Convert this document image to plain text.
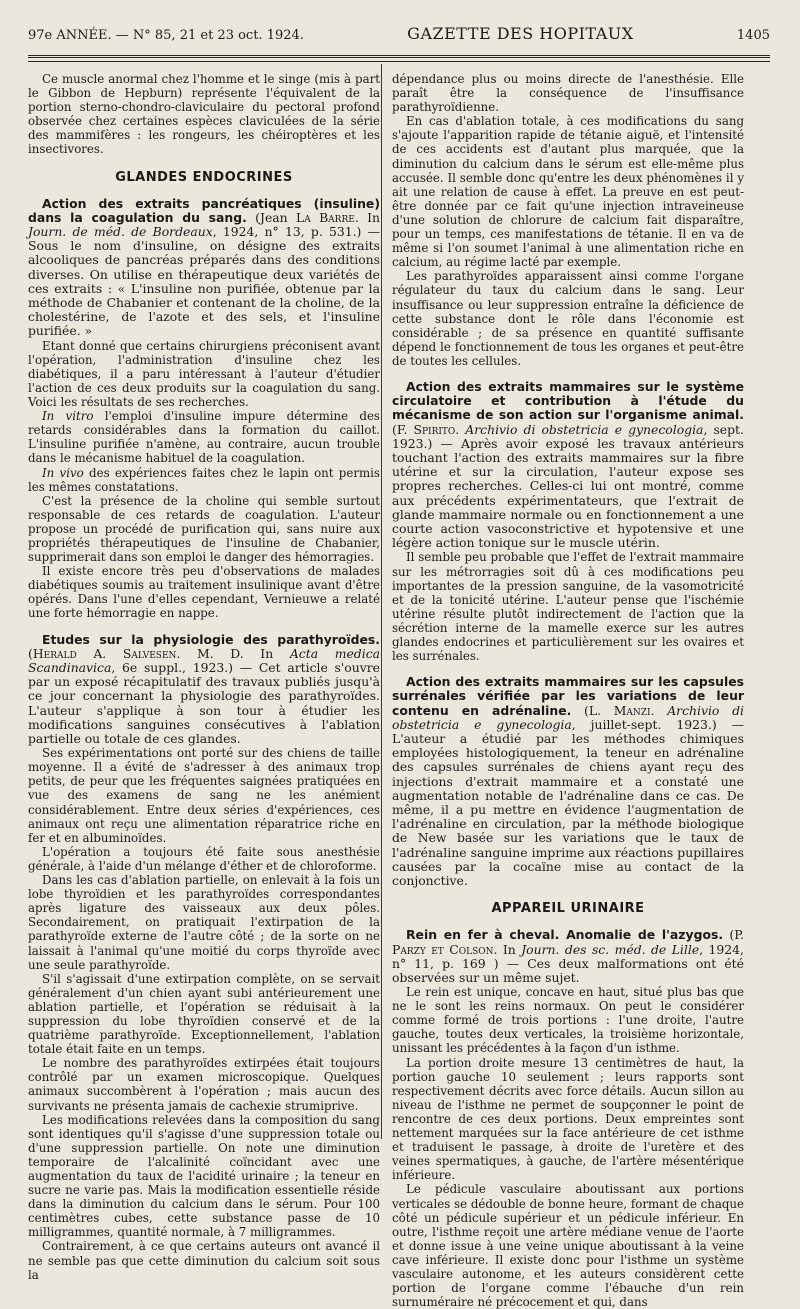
97e ANNÉE. — N° 85, 21 et 23 oct. 1924.	GAZETTE DES HOPITAUX	1405

Ce muscle anormal chez l'homme et le singe (mis à part le Gibbon de Hepburn) représente l'équivalent de la portion sterno-chondro-claviculaire du pectoral profond observée chez certaines espèces claviculées de la série des mammifères : les rongeurs, les chéiroptères et les insectivores.

GLANDES ENDOCRINES

Action des extraits pancréatiques (insuline) dans la coagulation du sang. (Jean La Barre. In Journ. de méd. de Bordeaux, 1924, n° 13, p. 531.) — Sous le nom d'insuline, on désigne des extraits alcooliques de pancréas préparés dans des conditions diverses. On utilise en thérapeutique deux variétés de ces extraits : « L'insuline non purifiée, obtenue par la méthode de Chabanier et contenant de la choline, de la cholestérine, de l'azote et des sels, et l'insuline purifiée. »

Etant donné que certains chirurgiens préconisent avant l'opération, l'administration d'insuline chez les diabétiques, il a paru intéressant à l'auteur d'étudier l'action de ces deux produits sur la coagulation du sang. Voici les résultats de ses recherches.

In vitro l'emploi d'insuline impure détermine des retards considérables dans la formation du caillot. L'insuline purifiée n'amène, au contraire, aucun trouble dans le mécanisme habituel de la coagulation.

In vivo des expériences faites chez le lapin ont permis les mêmes constatations.

C'est la présence de la choline qui semble surtout responsable de ces retards de coagulation. L'auteur propose un procédé de purification qui, sans nuire aux propriétés thérapeutiques de l'insuline de Chabanier, supprimerait dans son emploi le danger des hémorragies.

Il existe encore très peu d'observations de malades diabétiques soumis au traitement insulinique avant d'être opérés. Dans l'une d'elles cependant, Vernieuwe a relaté une forte hémorragie en nappe.

Etudes sur la physiologie des parathyroïdes. (Herald A. Salvesen. M. D. In Acta medica Scandinavica, 6e suppl., 1923.) — Cet article s'ouvre par un exposé récapitulatif des travaux publiés jusqu'à ce jour concernant la physiologie des parathyroïdes. L'auteur s'applique à son tour à étudier les modifications sanguines consécutives à l'ablation partielle ou totale de ces glandes.

Ses expérimentations ont porté sur des chiens de taille moyenne. Il a évité de s'adresser à des animaux trop petits, de peur que les fréquentes saignées pratiquées en vue des examens de sang ne les anémient considérablement. Entre deux séries d'expériences, ces animaux ont reçu une alimentation réparatrice riche en fer et en albuminoïdes.

L'opération a toujours été faite sous anesthésie générale, à l'aide d'un mélange d'éther et de chloroforme.

Dans les cas d'ablation partielle, on enlevait à la fois un lobe thyroïdien et les parathyroïdes correspondantes après ligature des vaisseaux aux deux pôles. Secondairement, on pratiquait l'extirpation de la parathyroïde externe de l'autre côté ; de la sorte on ne laissait à l'animal qu'une moitié du corps thyroïde avec une seule parathyroïde.

S'il s'agissait d'une extirpation complète, on se servait généralement d'un chien ayant subi antérieurement une ablation partielle, et l'opération se réduisait à la suppression du lobe thyroïdien conservé et de la quatrième parathyroïde. Exceptionnellement, l'ablation totale était faite en un temps.

Le nombre des parathyroïdes extirpées était toujours contrôlé par un examen microscopique. Quelques animaux succombèrent à l'opération ; mais aucun des survivants ne présenta jamais de cachexie strumiprive.

Les modifications relevées dans la composition du sang sont identiques qu'il s'agisse d'une suppression totale ou d'une suppression partielle. On note une diminution temporaire de l'alcalinité coïncidant avec une augmentation du taux de l'acidité urinaire ; la teneur en sucre ne varie pas. Mais la modification essentielle réside dans la diminution du calcium dans le sérum. Pour 100 centimètres cubes, cette substance passe de 10 milligrammes, quantité normale, à 7 milligrammes.

Contrairement, à ce que certains auteurs ont avancé il ne semble pas que cette diminution du calcium soit sous la

dépendance plus ou moins directe de l'anesthésie. Elle paraît être la conséquence de l'insuffisance parathyroïdienne.

En cas d'ablation totale, à ces modifications du sang s'ajoute l'apparition rapide de tétanie aiguë, et l'intensité de ces accidents est d'autant plus marquée, que la diminution du calcium dans le sérum est elle-même plus accusée. Il semble donc qu'entre les deux phénomènes il y ait une relation de cause à effet. La preuve en est peut-être donnée par ce fait qu'une injection intraveineuse d'une solution de chlorure de calcium fait disparaître, pour un temps, ces manifestations de tétanie. Il en va de même si l'on soumet l'animal à une alimentation riche en calcium, au régime lacté par exemple.

Les parathyroïdes apparaissent ainsi comme l'organe régulateur du taux du calcium dans le sang. Leur insuffisance ou leur suppression entraîne la déficience de cette substance dont le rôle dans l'économie est considérable ; de sa présence en quantité suffisante dépend le fonctionnement de tous les organes et peut-être de toutes les cellules.

Action des extraits mammaires sur le système circulatoire et contribution à l'étude du mécanisme de son action sur l'organisme animal. (F. Spirito. Archivio di obstetricia e gynecologia, sept. 1923.) — Après avoir exposé les travaux antérieurs touchant l'action des extraits mammaires sur la fibre utérine et sur la circulation, l'auteur expose ses propres recherches. Celles-ci lui ont montré, comme aux précédents expérimentateurs, que l'extrait de glande mammaire normale ou en fonctionnement a une courte action vasoconstrictive et hypotensive et une légère action tonique sur le muscle utérin.

Il semble peu probable que l'effet de l'extrait mammaire sur les métrorragies soit dû à ces modifications peu importantes de la pression sanguine, de la vasomotricité et de la tonicité utérine. L'auteur pense que l'ischémie utérine résulte plutôt indirectement de l'action que la sécrétion interne de la mamelle exerce sur les autres glandes endocrines et particulièrement sur les ovaires et les surrénales.

Action des extraits mammaires sur les capsules surrénales vérifiée par les variations de leur contenu en adrénaline. (L. Manzi. Archivio di obstetricia e gynecologia, juillet-sept. 1923.) — L'auteur a étudié par les méthodes chimiques employées histologiquement, la teneur en adrénaline des capsules surrénales de chiens ayant reçu des injections d'extrait mammaire et a constaté une augmentation notable de l'adrénaline dans ce cas. De même, il a pu mettre en évidence l'augmentation de l'adrénaline en circulation, par la méthode biologique de New basée sur les variations que le taux de l'adrénaline sanguine imprime aux réactions pupillaires causées par la cocaïne mise au contact de la conjonctive.

APPAREIL URINAIRE

Rein en fer à cheval. Anomalie de l'azygos. (P. Parzy et Colson. In Journ. des sc. méd. de Lille, 1924, n° 11, p. 169 ) — Ces deux malformations ont été observées sur un même sujet.

Le rein est unique, concave en haut, situé plus bas que ne le sont les reins normaux. On peut le considérer comme formé de trois portions : l'une droite, l'autre gauche, toutes deux verticales, la troisième horizontale, unissant les précédentes à la façon d'un isthme.

La portion droite mesure 13 centimètres de haut, la portion gauche 10 seulement ; leurs rapports sont respectivement décrits avec force détails. Aucun sillon au niveau de l'isthme ne permet de soupçonner le point de rencontre de ces deux portions. Deux empreintes sont nettement marquées sur la face antérieure de cet isthme et traduisent le passage, à droite de l'uretère et des veines spermatiques, à gauche, de l'artère mésentérique inférieure.

Le pédicule vasculaire aboutissant aux portions verticales se dédouble de bonne heure, formant de chaque côté un pédicule supérieur et un pédicule inférieur. En outre, l'isthme reçoit une artère médiane venue de l'aorte et donne issue à une veine unique aboutissant à la veine cave inférieure. Il existe donc pour l'isthme un système vasculaire autonome, et les auteurs considèrent cette portion de l'organe comme l'ébauche d'un rein surnuméraire né précocement et qui, dans
